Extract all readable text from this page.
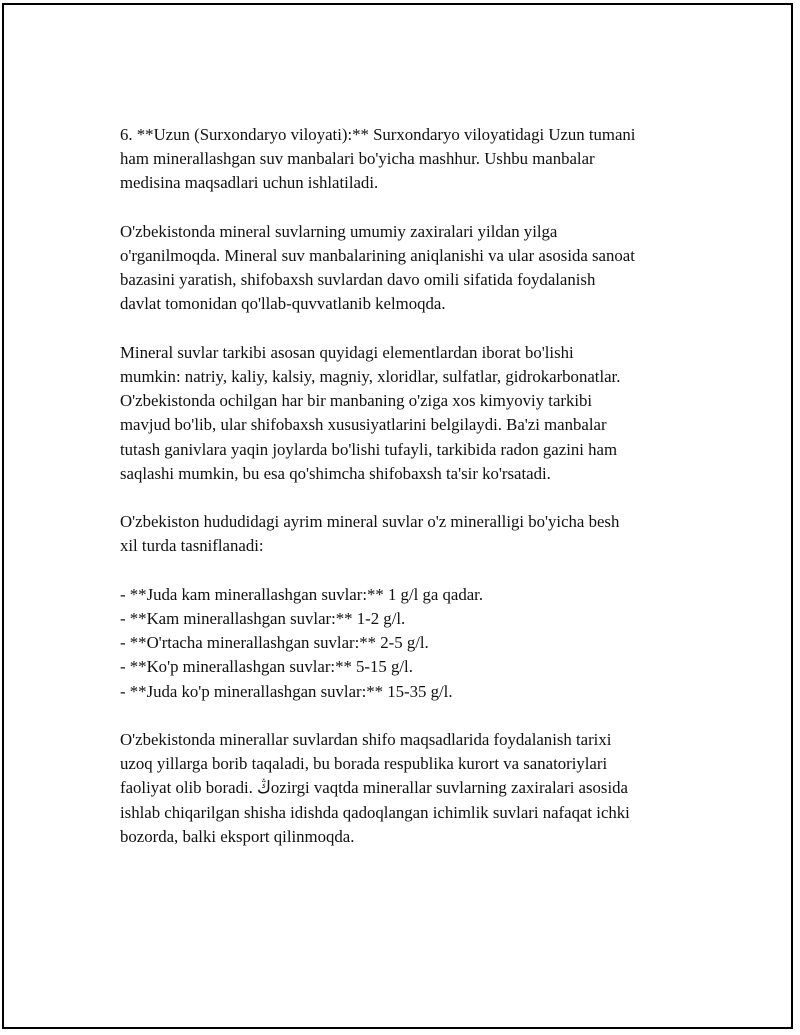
6. **Uzun (Surxondaryo viloyati):** Surxondaryo viloyatidagi Uzun tumani
ham minerallashgan suv manbalari bo'yicha mashhur. Ushbu manbalar
medisina maqsadlari uchun ishlatiladi.

O'zbekistonda mineral suvlarning umumiy zaxiralari yildan yilga
o'rganilmoqda. Mineral suv manbalarining aniqlanishi va ular asosida sanoat
bazasini yaratish, shifobaxsh suvlardan davo omili sifatida foydalanish
davlat tomonidan qo'llab-quvvatlanib kelmoqda.

Mineral suvlar tarkibi asosan quyidagi elementlardan iborat bo'lishi
mumkin: natriy, kaliy, kalsiy, magniy, xloridlar, sulfatlar, gidrokarbonatlar.
O'zbekistonda ochilgan har bir manbaning o'ziga xos kimyoviy tarkibi
mavjud bo'lib, ular shifobaxsh xususiyatlarini belgilaydi. Ba'zi manbalar
tutash ganivlara yaqin joylarda bo'lishi tufayli, tarkibida radon gazini ham
saqlashi mumkin, bu esa qo'shimcha shifobaxsh ta'sir ko'rsatadi.

O'zbekiston hududidagi ayrim mineral suvlar o'z mineralligi bo'yicha besh
xil turda tasniflanadi:

- **Juda kam minerallashgan suvlar:** 1 g/l ga qadar.
- **Kam minerallashgan suvlar:** 1-2 g/l.
- **O'rtacha minerallashgan suvlar:** 2-5 g/l.
- **Ko'p minerallashgan suvlar:** 5-15 g/l.
- **Juda ko'p minerallashgan suvlar:** 15-35 g/l.

O'zbekistonda minerallar suvlardan shifo maqsadlarida foydalanish tarixi
uzoq yillarga borib taqaladi, bu borada respublika kurort va sanatoriylari
faoliyat olib boradi. ڭozirgi vaqtda minerallar suvlarning zaxiralari asosida
ishlab chiqarilgan shisha idishda qadoqlangan ichimlik suvlari nafaqat ichki
bozorda, balki eksport qilinmoqda.
